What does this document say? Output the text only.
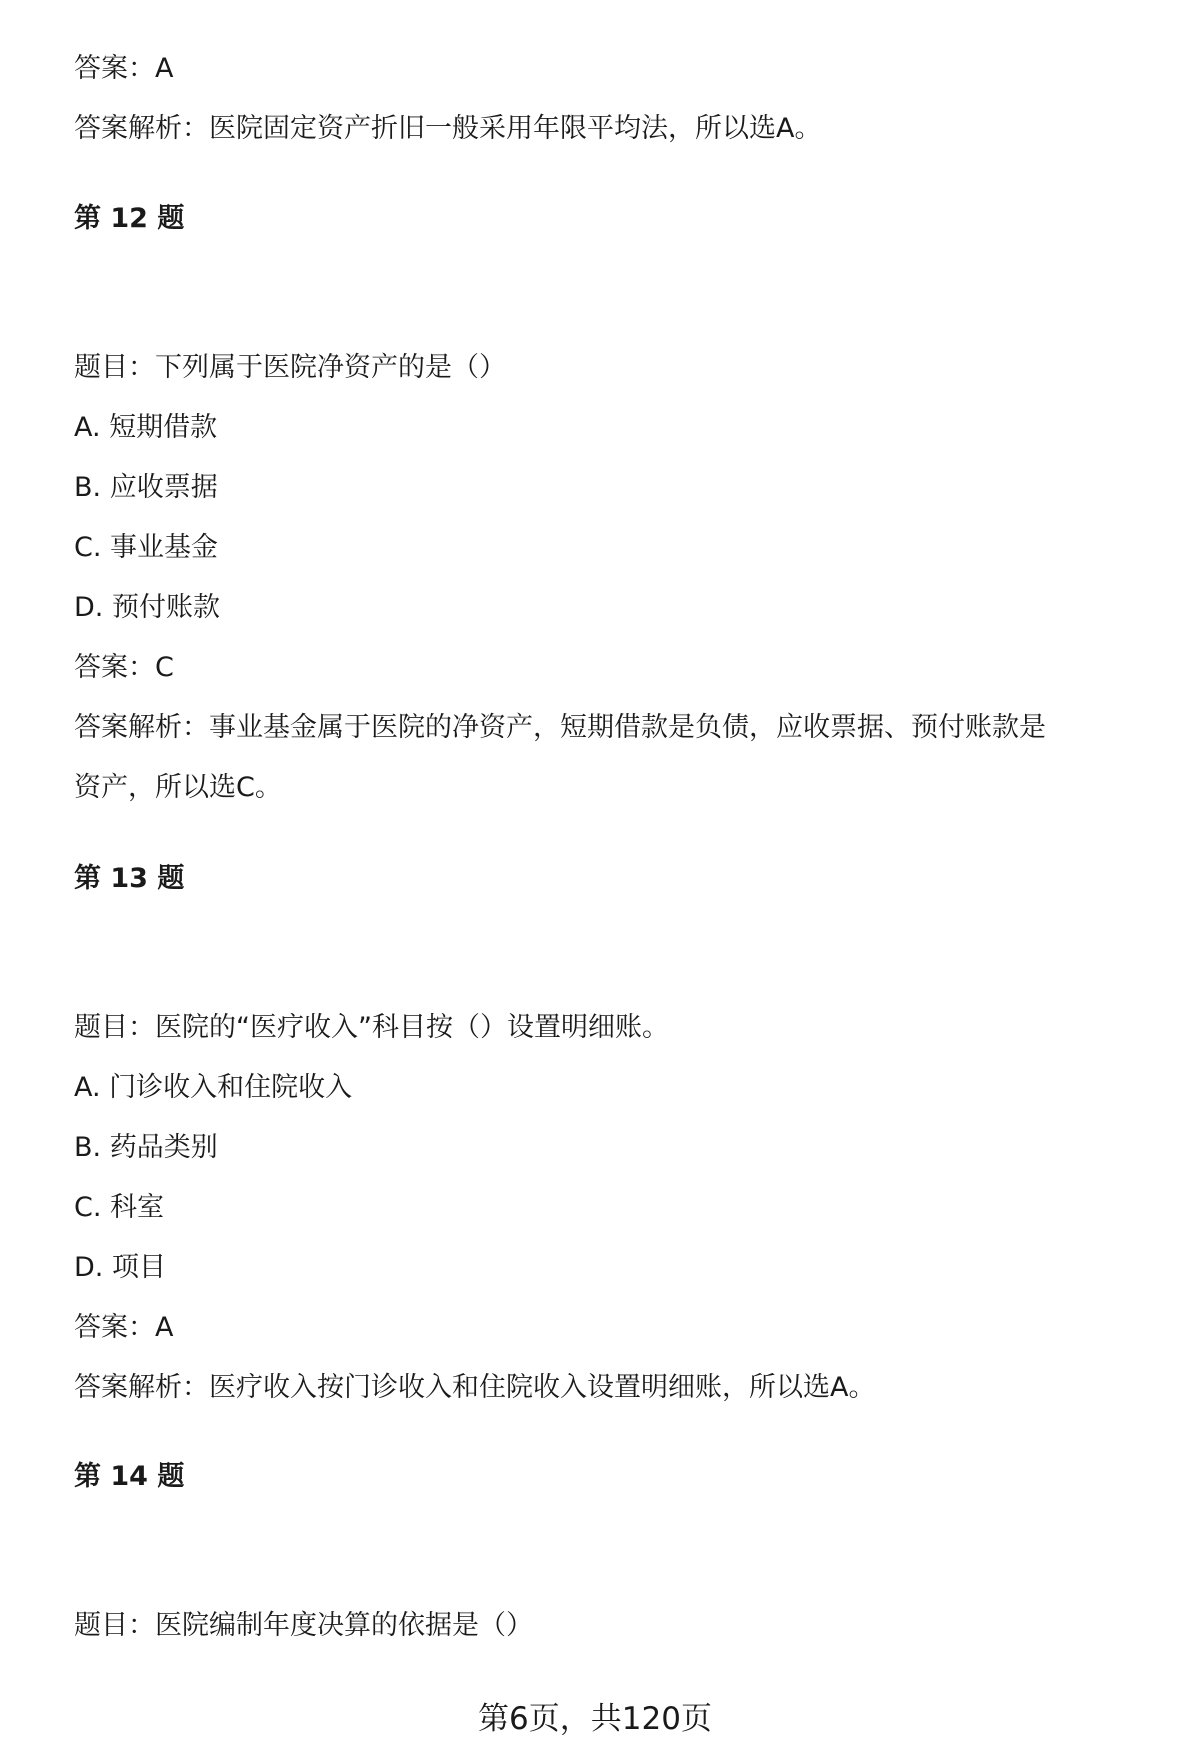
答案：A
答案解析：医院固定资产折旧一般采用年限平均法，所以选A。
第 12 题
题目：下列属于医院净资产的是（）
A. 短期借款
B. 应收票据
C. 事业基金
D. 预付账款
答案：C
答案解析：事业基金属于医院的净资产，短期借款是负债，应收票据、预付账款是
资产，所以选C。
第 13 题
题目：医院的“医疗收入”科目按（）设置明细账。
A. 门诊收入和住院收入
B. 药品类别
C. 科室
D. 项目
答案：A
答案解析：医疗收入按门诊收入和住院收入设置明细账，所以选A。
第 14 题
题目：医院编制年度决算的依据是（）
第6页，共120页
